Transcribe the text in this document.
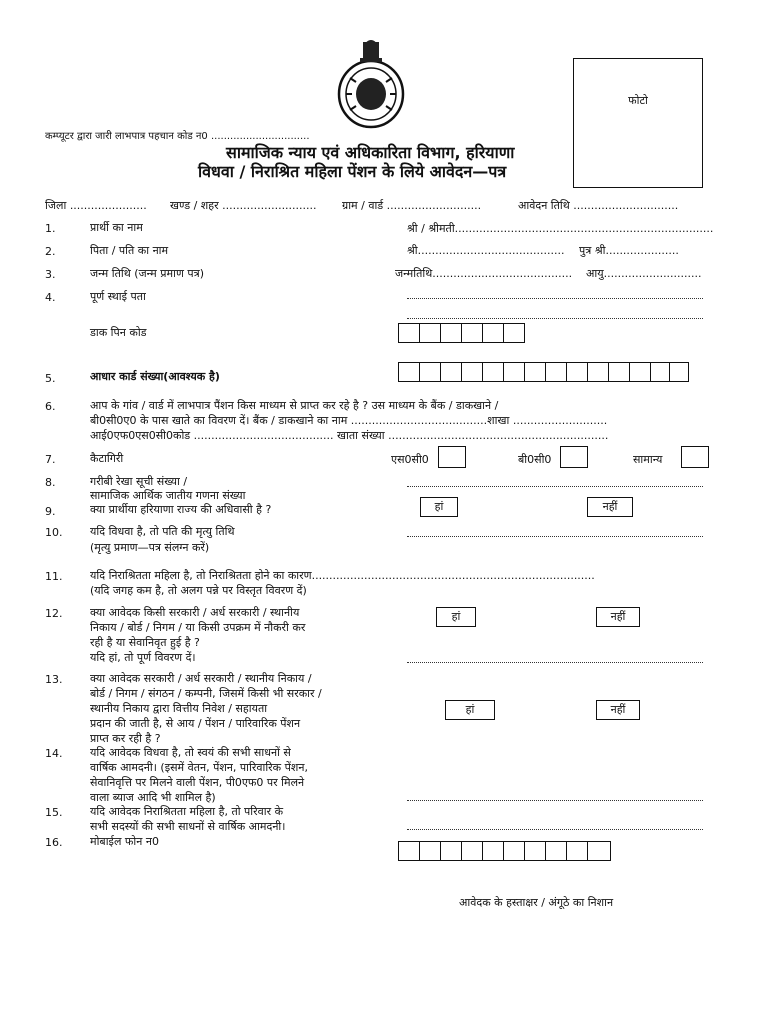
फोटो
कम्प्यूटर द्वारा जारी लाभपात्र पहचान कोड न0 ...............................
सामाजिक न्याय एवं अधिकारिता विभाग, हरियाणा
विधवा / निराश्रित महिला पेंशन के लिये आवेदन—पत्र
जिला ...................... खण्ड / शहर ........................... ग्राम / वार्ड ...........................	आवेदन तिथि ..............................
1.	प्रार्थी का नाम	श्री / श्रीमती..........................................................................
2.	पिता / पति का नाम	श्री.......................................... पुत्र श्री.....................
3.	जन्म तिथि (जन्म प्रमाण पत्र)	जन्मतिथि........................................ आयु............................
4.	पूर्ण स्थाई पता
डाक पिन कोड
5.	आधार कार्ड संख्या(आवश्यक है)
6.	आप के गांव / वार्ड में लाभपात्र पैंशन किस माध्यम से प्राप्त कर रहे है ? उस माध्यम के बैंक / डाकखाने /
बी0सी0ए0 के पास खाते का विवरण दें। बैंक / डाकखाने का नाम .......................................शाखा ...........................
आई0एफ0एस0सी0कोड ........................................ खाता संख्या ...............................................................
7.	कैटागिरी	एस0सी0	बी0सी0	सामान्य
8.	गरीबी रेखा सूची संख्या /
सामाजिक आर्थिक जातीय गणना संख्या
9.	क्या प्रार्थीया हरियाणा राज्य की अधिवासी है ?	हां	नहीं
10.	यदि विधवा है, तो पति की मृत्यु तिथि
(मृत्यु प्रमाण—पत्र संलग्न करें)
11.	यदि निराश्रितता महिला है, तो निराश्रितता होने का कारण.................................................................................
(यदि जगह कम है, तो अलग पन्ने पर विस्तृत विवरण दें)
12.	क्या आवेदक किसी सरकारी / अर्ध सरकारी / स्थानीय
निकाय / बोर्ड / निगम / या किसी उपक्रम में नौकरी कर
रही है या सेवानिवृत हुई है ?
यदि हां, तो पूर्ण विवरण दें।
हां	नहीं
13.	क्या आवेदक सरकारी / अर्ध सरकारी / स्थानीय निकाय /
बोर्ड / निगम / संगठन / कम्पनी, जिसमें किसी भी सरकार /
स्थानीय निकाय द्वारा वित्तीय निवेश / सहायता
प्रदान की जाती है, से आय / पेंशन / पारिवारिक पेंशन
प्राप्त कर रही है ?
हां	नहीं
14.	यदि आवेदक विधवा है, तो स्वयं की सभी साधनों से
वार्षिक आमदनी। (इसमें वेतन, पेंशन, पारिवारिक पेंशन,
सेवानिवृत्ति पर मिलने वाली पेंशन, पी0एफ0 पर मिलने
वाला ब्याज आदि भी शामिल है)
15.	यदि आवेदक निराश्रितता महिला है, तो परिवार के
सभी सदस्यों की सभी साधनों से वार्षिक आमदनी।
16.	मोबाईल फोन न0
आवेदक के हस्ताक्षर / अंगूठे का निशान
